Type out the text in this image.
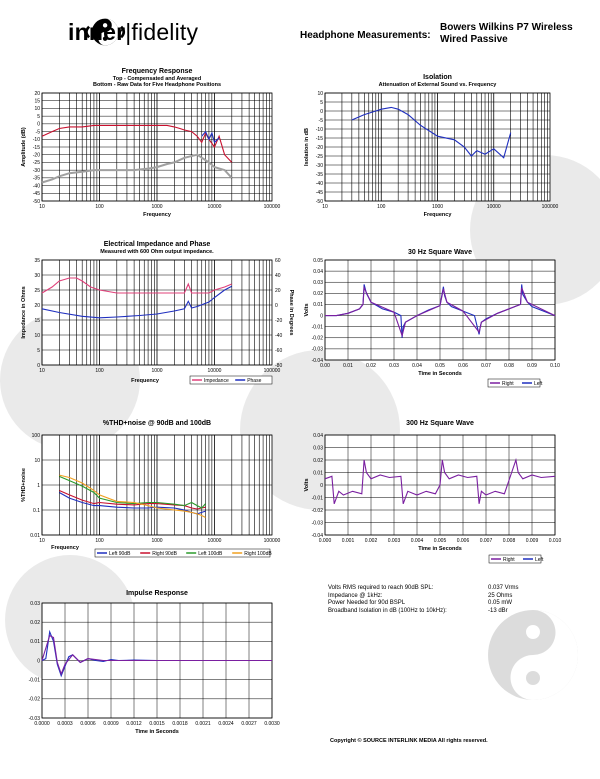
inner|fidelity	Headphone Measurements:
Bowers Wilkins P7 Wireless
Wired Passive
Frequency Response
Top - Compensated and Averaged
Bottom - Raw Data for Five Headphone Positions
20
15
10
5
0
-5
-10
-15
-20
-25
-30
-35
-40
-45
-50
10	100	1000	10000	100000
Frequency
Amplitude (dB)
Isolation
Attenuation of External Sound vs. Frequency
10
5
0
-5
-10
-15
-20
-25
-30
-35
-40
-45
-50
10	100	1000	10000	100000
Frequency
Isolation in dB
Electrical Impedance and Phase
Measured with 600 Ohm output impedance.
35
30
25
20
15
10
5
0
60
40
20
0
-20
-40
-60
-80
10	100	1000	10000	100000
Frequency
Impedance in Ohms	Phase in Degrees
Impedance	Phase
30 Hz Square Wave
0.05
0.04
0.03
0.02
0.01
0
-0.01
-0.02
-0.03
-0.04
0.00	0.01	0.02	0.03	0.04	0.05	0.06	0.07	0.08	0.09	0.10
Time in Seconds
Volts
Right	Left
%THD+noise @ 90dB and 100dB
100
10
1
0.1
0.01
10	100	1000	10000	100000
Frequency
%THD+noise
Left 90dB	Right 90dB	Left 100dB	Right 100dB
300 Hz Square Wave
0.04
0.03
0.02
0.01
0
-0.01
-0.02
-0.03
-0.04
0.000 0.001 0.002 0.003 0.004 0.005 0.006 0.007 0.008 0.009 0.010
Time in Seconds
Volts
Right	Left
Impulse Response
0.03
0.02
0.01
0
-0.01
-0.02
-0.03
0.0000 0.0003 0.0006 0.0009 0.0012 0.0015 0.0018 0.0021 0.0024 0.0027 0.0030
Time in Seconds
Volts RMS required to reach 90dB SPL:	0.037 Vrms
Impedance @ 1kHz:	25 Ohms
Power Needed for 90d BSPL	0.05 mW
Broadband Isolation in dB (100Hz to 10kHz):	-13 dBr
Copyright © SOURCE INTERLINK MEDIA All rights reserved.
